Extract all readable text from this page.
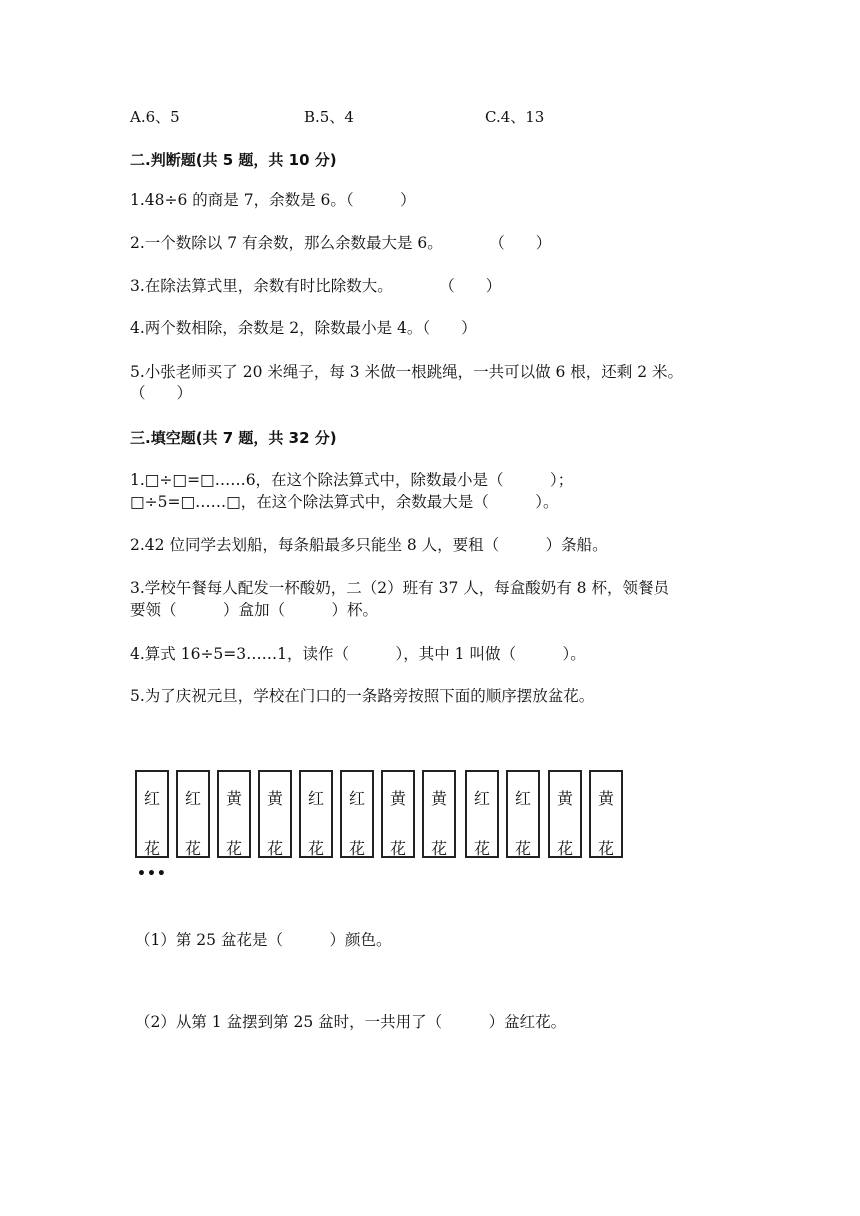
A.6、5	B.5、4	C.4、13
二.判断题(共 5 题，共 10 分)
1.48÷6 的商是 7，余数是 6。（　　　）
2.一个数除以 7 有余数，那么余数最大是 6。　　　　（　　）
3.在除法算式里，余数有时比除数大。　　　　（　　）
4.两个数相除，余数是 2，除数最小是 4。（　　）
5.小张老师买了 20 米绳子，每 3 米做一根跳绳，一共可以做 6 根，还剩 2 米。
（　　）
三.填空题(共 7 题，共 32 分)
1.□÷□=□……6，在这个除法算式中，除数最小是（　　　）；
□÷5=□……□，在这个除法算式中，余数最大是（　　　）。
2.42 位同学去划船，每条船最多只能坐 8 人，要租（　　　）条船。
3.学校午餐每人配发一杯酸奶，二（2）班有 37 人，每盒酸奶有 8 杯，领餐员
要领（　　　）盒加（　　　）杯。
4.算式 16÷5=3……1，读作（　　　），其中 1 叫做（　　　）。
5.为了庆祝元旦，学校在门口的一条路旁按照下面的顺序摆放盆花。
红
花
红
花
黄
花
黄
花
红
花
红
花
黄
花
黄
花
红
花
红
花
黄
花
黄
花
•••
（1）第 25 盆花是（　　　）颜色。
（2）从第 1 盆摆到第 25 盆时，一共用了（　　　）盆红花。
